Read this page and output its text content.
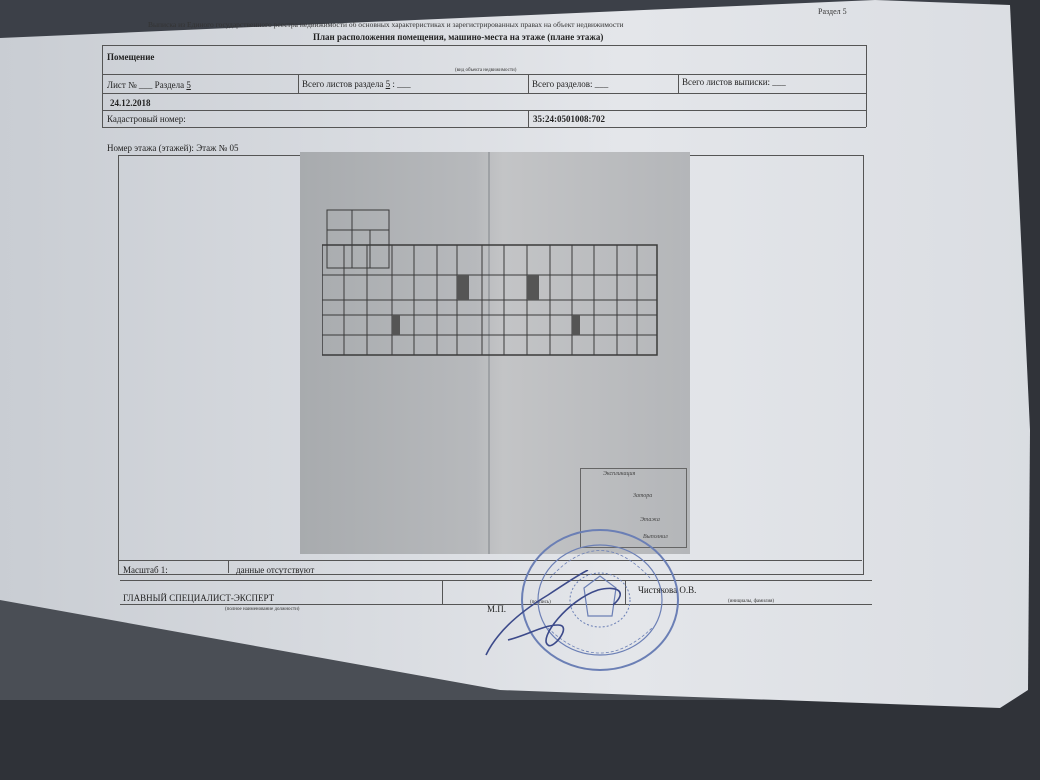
Раздел 5
Выписка из Единого государственного реестра недвижимости об основных характеристиках и зарегистрированных правах на объект недвижимости
План расположения помещения, машино-места на этаже (плане этажа)
Помещение
(вид объекта недвижимости)
Лист № ___ Раздела 5	Всего листов раздела 5 : ___	Всего разделов: ___	Всего листов выписки: ___
24.12.2018
Кадастровый номер:	35:24:0501008:702
Номер этажа (этажей): Этаж № 05
Экспликация
Затора
Этажа
Выполнил
Масштаб 1:	данные отсутствуют
ГЛАВНЫЙ СПЕЦИАЛИСТ-ЭКСПЕРТ
Чистякова О.В.
(полное наименование должности)
(подпись)	(инициалы, фамилия)
М.П.
